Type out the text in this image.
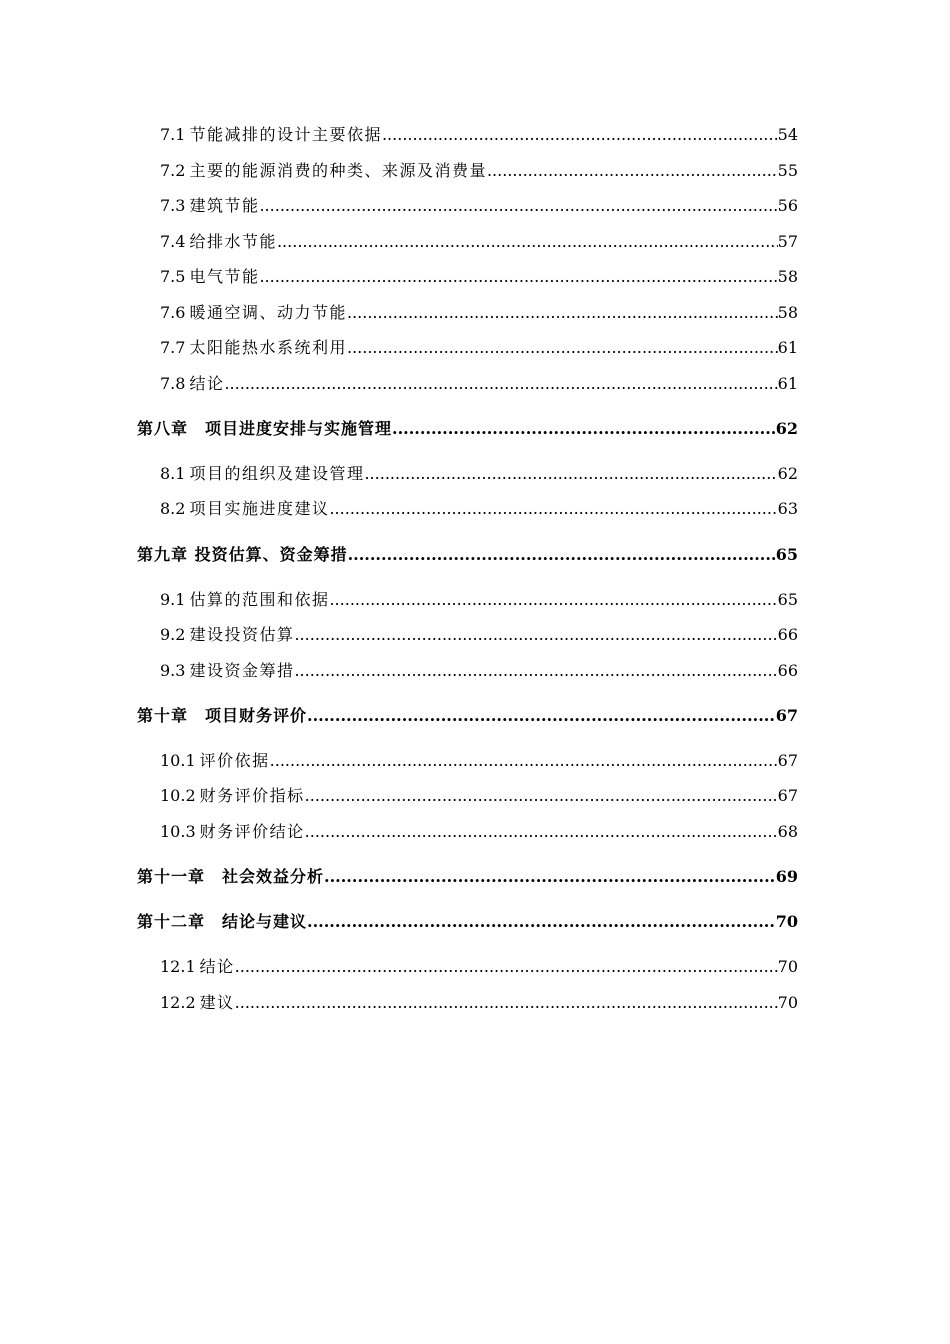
7.1 节能减排的设计主要依据 .....	54
7.2 主要的能源消费的种类、来源及消费量 .....	55
7.3 建筑节能 .....	56
7.4 给排水节能 .....	57
7.5 电气节能 .....	58
7.6 暖通空调、动力节能 .....	58
7.7 太阳能热水系统利用 .....	61
7.8 结论 .....	61
第八章　项目进度安排与实施管理 .....	62
8.1 项目的组织及建设管理 .....	62
8.2 项目实施进度建议 .....	63
第九章 投资估算、资金筹措 .....	65
9.1 估算的范围和依据 .....	65
9.2 建设投资估算 .....	66
9.3 建设资金筹措 .....	66
第十章　项目财务评价 .....	67
10.1 评价依据 .....	67
10.2 财务评价指标 .....	67
10.3 财务评价结论 .....	68
第十一章　社会效益分析 .....	69
第十二章　结论与建议 .....	70
12.1 结论 .....	70
12.2 建议 .....	70
